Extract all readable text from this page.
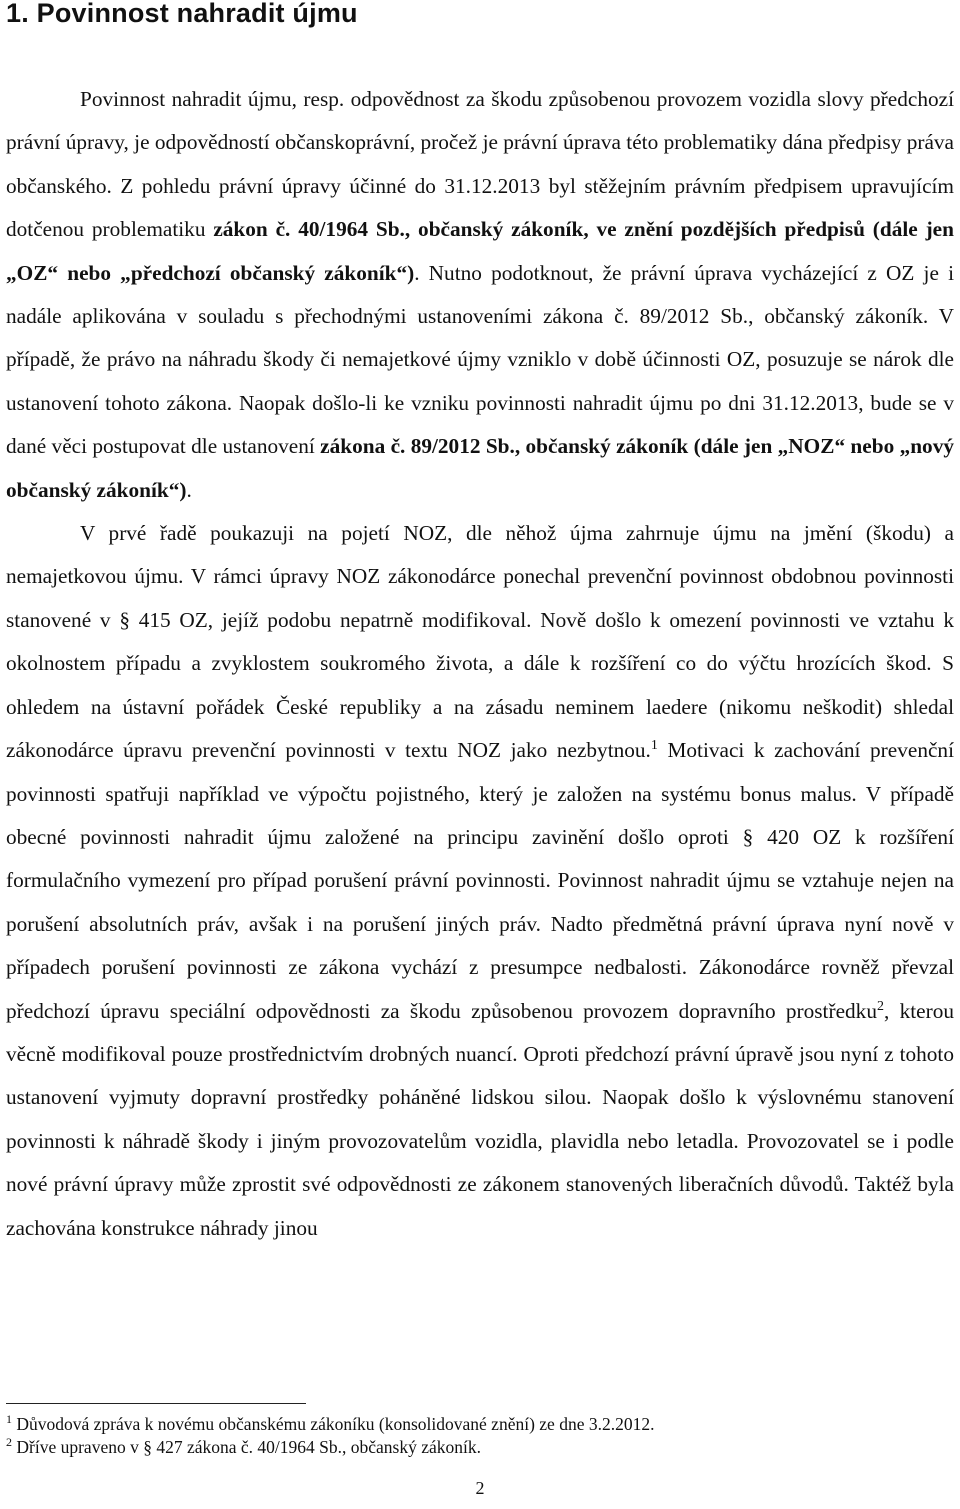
1. Povinnost nahradit újmu

Povinnost nahradit újmu, resp. odpovědnost za škodu způsobenou provozem vozidla slovy předchozí právní úpravy, je odpovědností občanskoprávní, pročež je právní úprava této problematiky dána předpisy práva občanského. Z pohledu právní úpravy účinné do 31.12.2013 byl stěžejním právním předpisem upravujícím dotčenou problematiku zákon č. 40/1964 Sb., občanský zákoník, ve znění pozdějších předpisů (dále jen „OZ“ nebo „předchozí občanský zákoník“). Nutno podotknout, že právní úprava vycházející z OZ je i nadále aplikována v souladu s přechodnými ustanoveními zákona č. 89/2012 Sb., občanský zákoník. V případě, že právo na náhradu škody či nemajetkové újmy vzniklo v době účinnosti OZ, posuzuje se nárok dle ustanovení tohoto zákona. Naopak došlo-li ke vzniku povinnosti nahradit újmu po dni 31.12.2013, bude se v dané věci postupovat dle ustanovení zákona č. 89/2012 Sb., občanský zákoník (dále jen „NOZ“ nebo „nový občanský zákoník“).

V prvé řadě poukazuji na pojetí NOZ, dle něhož újma zahrnuje újmu na jmění (škodu) a nemajetkovou újmu. V rámci úpravy NOZ zákonodárce ponechal prevenční povinnost obdobnou povinnosti stanovené v § 415 OZ, jejíž podobu nepatrně modifikoval. Nově došlo k omezení povinnosti ve vztahu k okolnostem případu a zvyklostem soukromého života, a dále k rozšíření co do výčtu hrozících škod. S ohledem na ústavní pořádek České republiky a na zásadu neminem laedere (nikomu neškodit) shledal zákonodárce úpravu prevenční povinnosti v textu NOZ jako nezbytnou.$^1$ Motivaci k zachování prevenční povinnosti spatřuji například ve výpočtu pojistného, který je založen na systému bonus malus. V případě obecné povinnosti nahradit újmu založené na principu zavinění došlo oproti § 420 OZ k rozšíření formulačního vymezení pro případ porušení právní povinnosti. Povinnost nahradit újmu se vztahuje nejen na porušení absolutních práv, avšak i na porušení jiných práv. Nadto předmětná právní úprava nyní nově v případech porušení povinnosti ze zákona vychází z presumpce nedbalosti. Zákonodárce rovněž převzal předchozí úpravu speciální odpovědnosti za škodu způsobenou provozem dopravního prostředku$^2$, kterou věcně modifikoval pouze prostřednictvím drobných nuancí. Oproti předchozí právní úpravě jsou nyní z tohoto ustanovení vyjmuty dopravní prostředky poháněné lidskou silou. Naopak došlo k výslovnému stanovení povinnosti k náhradě škody i jiným provozovatelům vozidla, plavidla nebo letadla. Provozovatel se i podle nové právní úpravy může zprostit své odpovědnosti ze zákonem stanovených liberačních důvodů. Taktéž byla zachována konstrukce náhrady jinou

$^1$ Důvodová zpráva k novému občanskému zákoníku (konsolidované znění) ze dne 3.2.2012.
$^2$ Dříve upraveno v § 427 zákona č. 40/1964 Sb., občanský zákoník.
2
